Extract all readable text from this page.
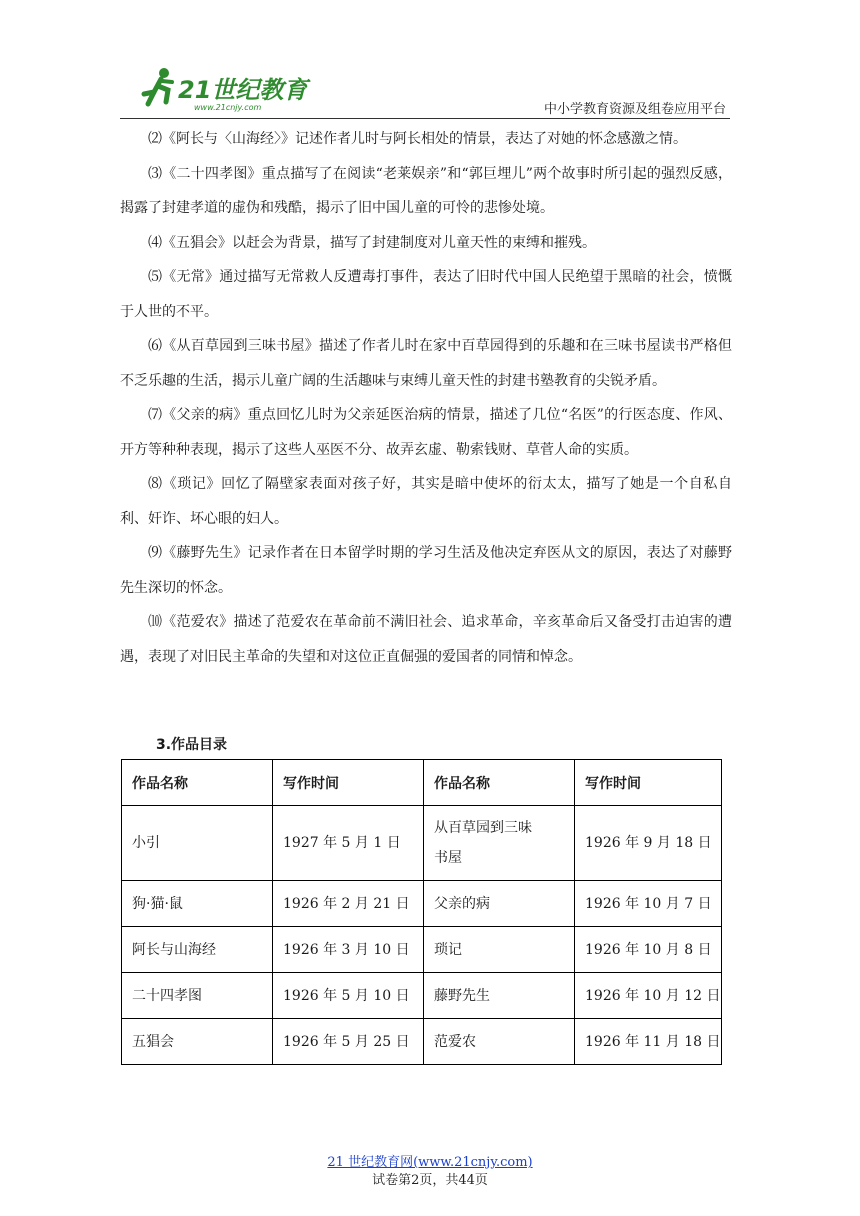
21世纪教育
www.21cnjy.com	中小学教育资源及组卷应用平台

⑵《阿长与〈山海经〉》记述作者儿时与阿长相处的情景，表达了对她的怀念感激之情。

⑶《二十四孝图》重点描写了在阅读“老莱娱亲”和“郭巨埋儿”两个故事时所引起的强烈反感，揭露了封建孝道的虚伪和残酷，揭示了旧中国儿童的可怜的悲惨处境。

⑷《五猖会》以赶会为背景，描写了封建制度对儿童天性的束缚和摧残。

⑸《无常》通过描写无常救人反遭毒打事件，表达了旧时代中国人民绝望于黑暗的社会，愤慨于人世的不平。

⑹《从百草园到三味书屋》描述了作者儿时在家中百草园得到的乐趣和在三味书屋读书严格但不乏乐趣的生活，揭示儿童广阔的生活趣味与束缚儿童天性的封建书塾教育的尖锐矛盾。

⑺《父亲的病》重点回忆儿时为父亲延医治病的情景，描述了几位“名医”的行医态度、作风、开方等种种表现，揭示了这些人巫医不分、故弄玄虚、勒索钱财、草菅人命的实质。

⑻《琐记》回忆了隔壁家表面对孩子好，其实是暗中使坏的衍太太，描写了她是一个自私自利、奸诈、坏心眼的妇人。

⑼《藤野先生》记录作者在日本留学时期的学习生活及他决定弃医从文的原因，表达了对藤野先生深切的怀念。

⑽《范爱农》描述了范爱农在革命前不满旧社会、追求革命，辛亥革命后又备受打击迫害的遭遇，表现了对旧民主革命的失望和对这位正直倔强的爱国者的同情和悼念。

3.作品目录
作品名称	写作时间	作品名称	写作时间
小引	1927 年 5 月 1 日	从百草园到三味书屋	1926 年 9 月 18 日
狗·猫·鼠	1926 年 2 月 21 日	父亲的病	1926 年 10 月 7 日
阿长与山海经	1926 年 3 月 10 日	琐记	1926 年 10 月 8 日
二十四孝图	1926 年 5 月 10 日	藤野先生	1926 年 10 月 12 日
五猖会	1926 年 5 月 25 日	范爱农	1926 年 11 月 18 日
21 世纪教育网(www.21cnjy.com)
试卷第2页，共44页
